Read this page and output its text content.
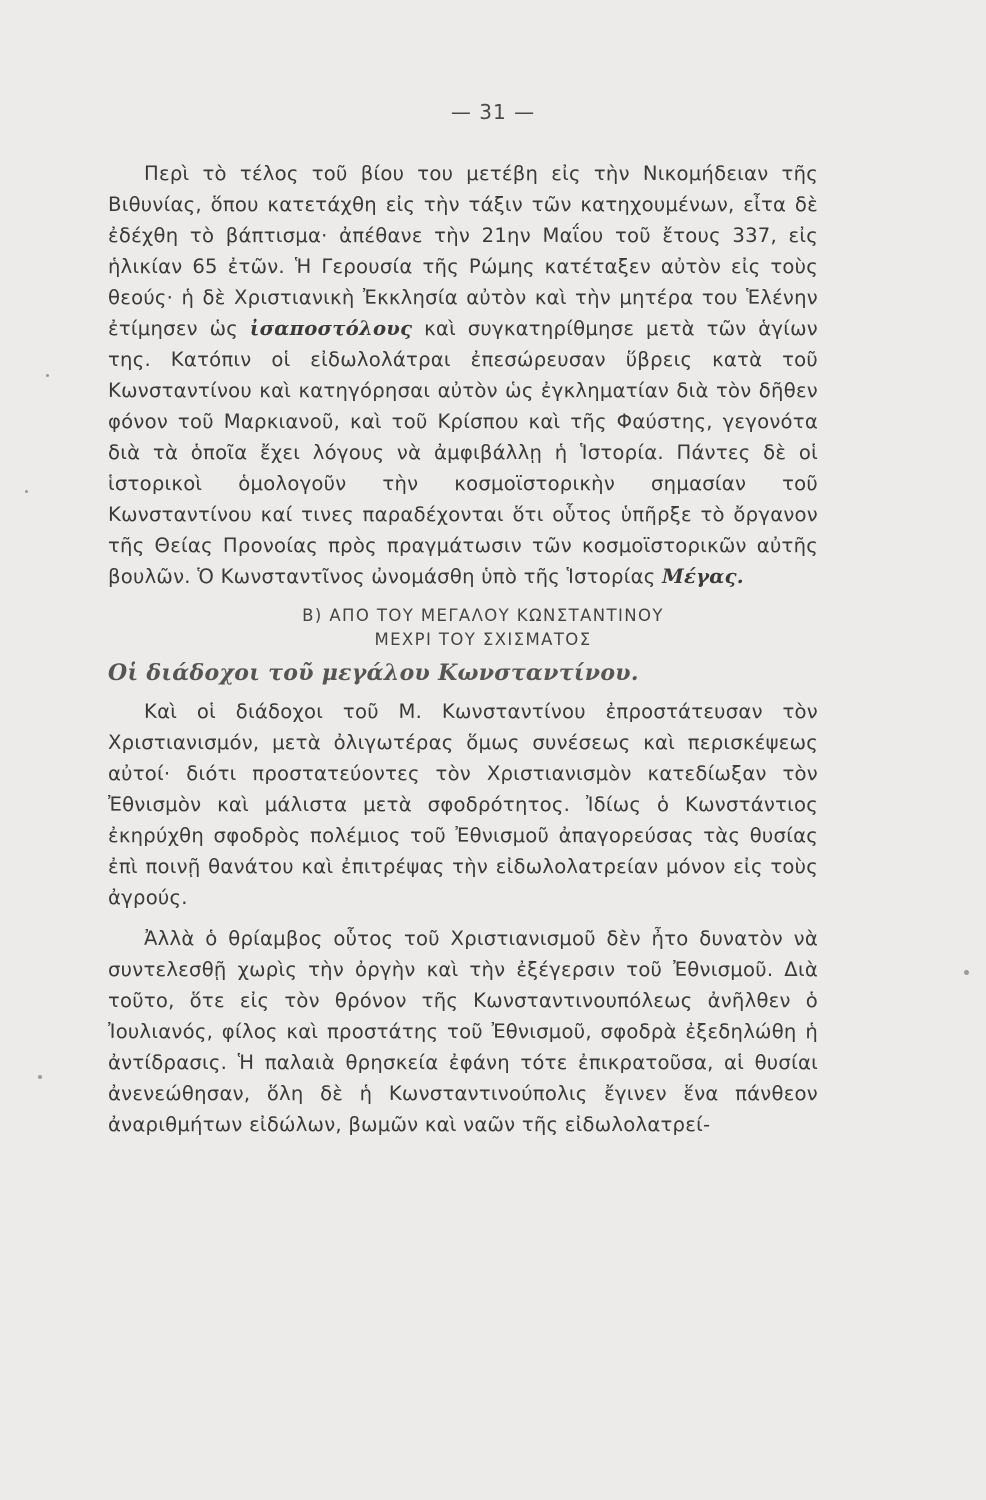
— 31 —

Περὶ τὸ τέλος τοῦ βίου του μετέβη εἰς τὴν Νικομήδειαν τῆς Βιθυνίας, ὅπου κατετάχθη εἰς τὴν τάξιν τῶν κατηχουμένων, εἶτα δὲ ἐδέχθη τὸ βάπτισμα· ἀπέθανε τὴν 21ην Μαΐου τοῦ ἔτους 337, εἰς ἡλικίαν 65 ἐτῶν. Ἡ Γερουσία τῆς Ρώμης κατέταξεν αὐτὸν εἰς τοὺς θεούς· ἡ δὲ Χριστιανικὴ Ἐκκλησία αὐτὸν καὶ τὴν μητέρα του Ἑλένην ἐτίμησεν ὡς ἰσαποστόλους καὶ συγκατηρίθμησε μετὰ τῶν ἁγίων της. Κατόπιν οἱ εἰδωλολάτραι ἐπεσώρευσαν ὕβρεις κατὰ τοῦ Κωνσταντίνου καὶ κατηγόρησαι αὐτὸν ὡς ἐγκληματίαν διὰ τὸν δῆθεν φόνον τοῦ Μαρκιανοῦ, καὶ τοῦ Κρίσπου καὶ τῆς Φαύστης, γεγονότα διὰ τὰ ὁποῖα ἔχει λόγους νὰ ἀμφιβάλλῃ ἡ Ἱστορία. Πάντες δὲ οἱ ἱστορικοὶ ὁμολογοῦν τὴν κοσμοϊστορικὴν σημασίαν τοῦ Κωνσταντίνου καί τινες παραδέχονται ὅτι οὗτος ὑπῆρξε τὸ ὄργανον τῆς Θείας Προνοίας πρὸς πραγμάτωσιν τῶν κοσμοϊστορικῶν αὐτῆς βουλῶν. Ὁ Κωνσταντῖνος ὠνομάσθη ὑπὸ τῆς Ἱστορίας Μέγας.

B) ΑΠΟ ΤΟΥ ΜΕΓΑΛΟΥ ΚΩΝΣΤΑΝΤΙΝΟΥ
ΜΕΧΡΙ ΤΟΥ ΣΧΙΣΜΑΤΟΣ
Οἱ διάδοχοι τοῦ μεγάλου Κωνσταντίνου.

Καὶ οἱ διάδοχοι τοῦ Μ. Κωνσταντίνου ἐπροστάτευσαν τὸν Χριστιανισμόν, μετὰ ὀλιγωτέρας ὅμως συνέσεως καὶ περισκέψεως αὐτοί· διότι προστατεύοντες τὸν Χριστιανισμὸν κατεδίωξαν τὸν Ἐθνισμὸν καὶ μάλιστα μετὰ σφοδρότητος. Ἰδίως ὁ Κωνστάντιος ἐκηρύχθη σφοδρὸς πολέμιος τοῦ Ἐθνισμοῦ ἀπαγορεύσας τὰς θυσίας ἐπὶ ποινῇ θανάτου καὶ ἐπιτρέψας τὴν εἰδωλολατρείαν μόνον εἰς τοὺς ἀγρούς.

Ἀλλὰ ὁ θρίαμβος οὗτος τοῦ Χριστιανισμοῦ δὲν ἦτο δυνατὸν νὰ συντελεσθῇ χωρὶς τὴν ὀργὴν καὶ τὴν ἐξέγερσιν τοῦ Ἐθνισμοῦ. Διὰ τοῦτο, ὅτε εἰς τὸν θρόνον τῆς Κωνσταντινουπόλεως ἀνῆλθεν ὁ Ἰουλιανός, φίλος καὶ προστάτης τοῦ Ἐθνισμοῦ, σφοδρὰ ἐξεδηλώθη ἡ ἀντίδρασις. Ἡ παλαιὰ θρησκεία ἐφάνη τότε ἐπικρατοῦσα, αἱ θυσίαι ἀνενεώθησαν, ὅλη δὲ ἡ Κωνσταντινούπολις ἔγινεν ἕνα πάνθεον ἀναριθμήτων εἰδώλων, βωμῶν καὶ ναῶν τῆς εἰδωλολατρεί-
